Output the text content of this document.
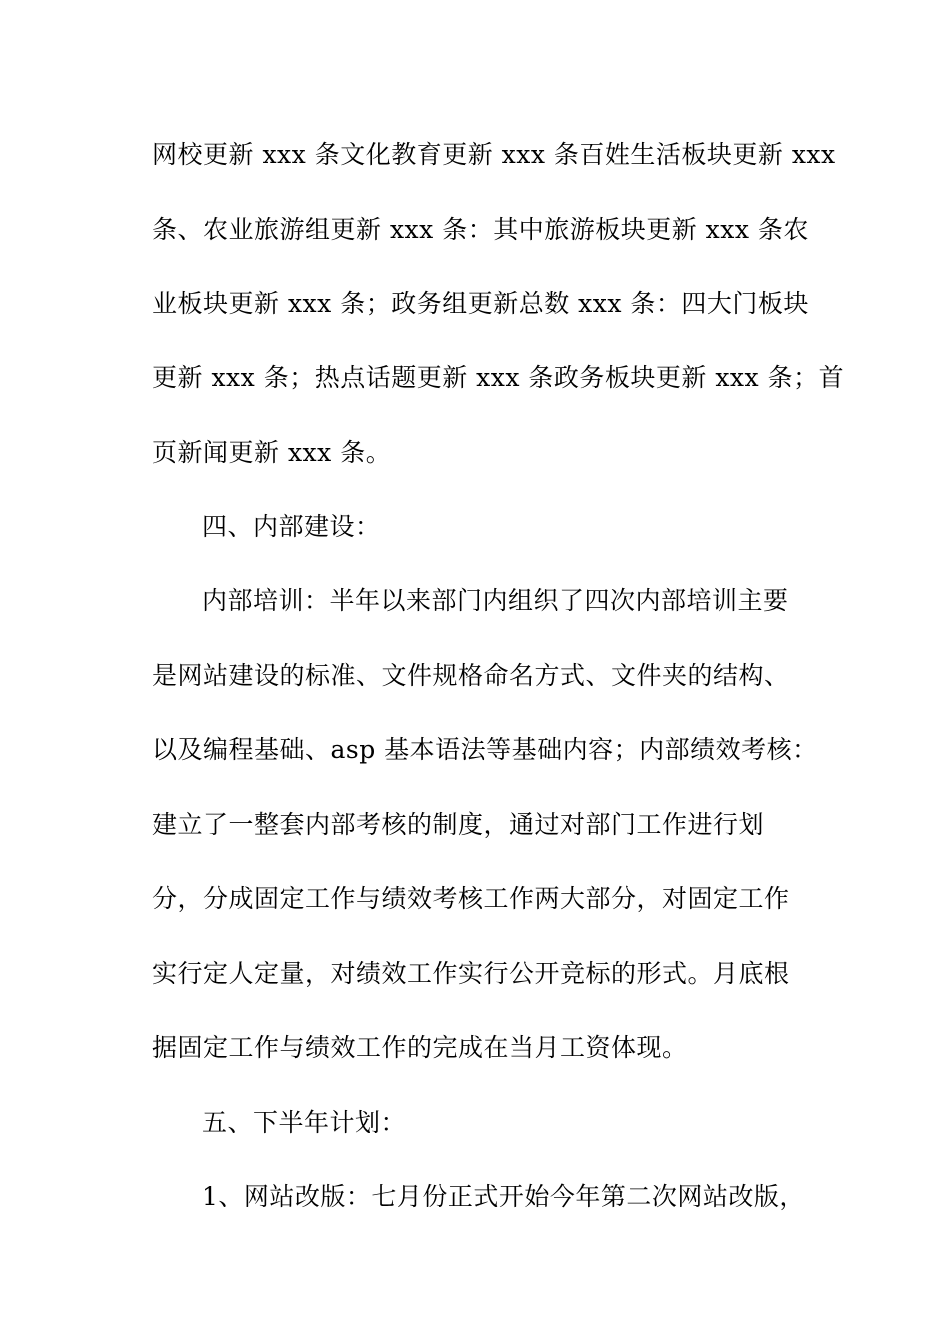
网校更新 xxx 条文化教育更新 xxx 条百姓生活板块更新 xxx
条、农业旅游组更新 xxx 条：其中旅游板块更新 xxx 条农
业板块更新 xxx 条；政务组更新总数 xxx 条：四大门板块
更新 xxx 条；热点话题更新 xxx 条政务板块更新 xxx 条；首
页新闻更新 xxx 条。
四、内部建设：
内部培训：半年以来部门内组织了四次内部培训主要
是网站建设的标准、文件规格命名方式、文件夹的结构、
以及编程基础、asp 基本语法等基础内容；内部绩效考核：
建立了一整套内部考核的制度，通过对部门工作进行划
分，分成固定工作与绩效考核工作两大部分，对固定工作
实行定人定量，对绩效工作实行公开竞标的形式。月底根
据固定工作与绩效工作的完成在当月工资体现。
五、下半年计划：
1、网站改版：七月份正式开始今年第二次网站改版，
